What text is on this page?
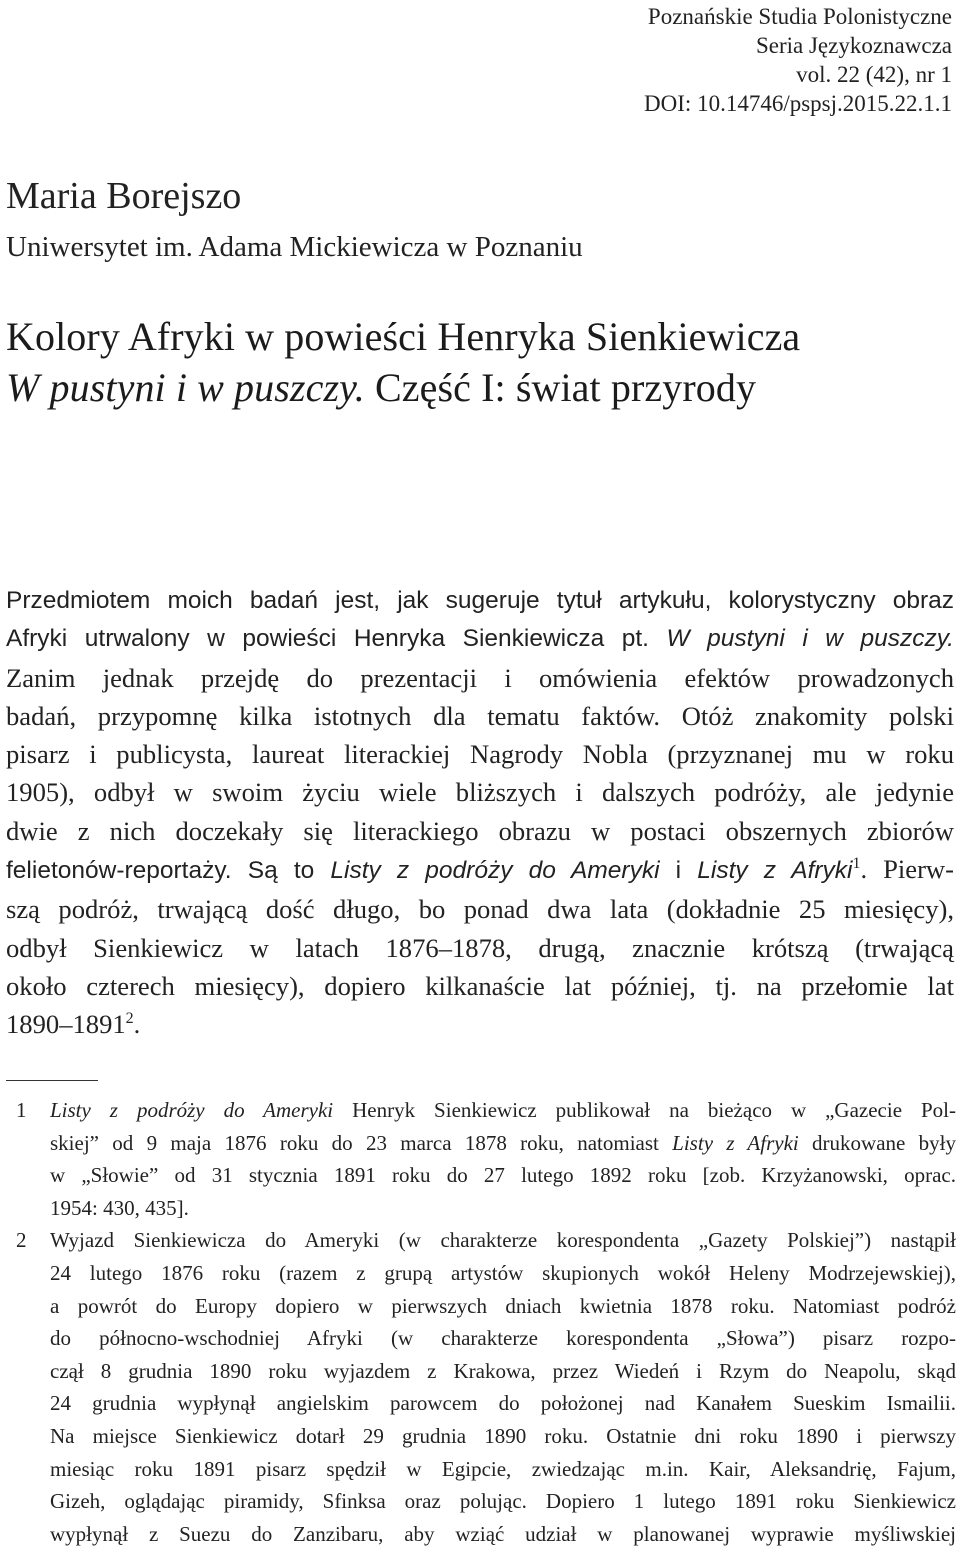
Poznańskie Studia Polonistyczne
Seria Językoznawcza
vol. 22 (42), nr 1
DOI: 10.14746/pspsj.2015.22.1.1
Maria Borejszo
Uniwersytet im. Adama Mickiewicza w Poznaniu
Kolory Afryki w powieści Henryka Sienkiewicza
W pustyni i w puszczy. Część I: świat przyrody
Przedmiotem moich badań jest, jak sugeruje tytuł artykułu, kolorystyczny obraz
Afryki utrwalony w powieści Henryka Sienkiewicza pt. W pustyni i w puszczy.
Zanim jednak przejdę do prezentacji i omówienia efektów prowadzonych
badań, przypomnę kilka istotnych dla tematu faktów. Otóż znakomity polski
pisarz i publicysta, laureat literackiej Nagrody Nobla (przyznanej mu w roku
1905), odbył w swoim życiu wiele bliższych i dalszych podróży, ale jedynie
dwie z nich doczekały się literackiego obrazu w postaci obszernych zbiorów
felietonów-reportaży. Są to Listy z podróży do Ameryki i Listy z Afryki$^1$. Pierw-
szą podróż, trwającą dość długo, bo ponad dwa lata (dokładnie 25 miesięcy),
odbył Sienkiewicz w latach 1876–1878, drugą, znacznie krótszą (trwającą
około czterech miesięcy), dopiero kilkanaście lat później, tj. na przełomie lat
1890–1891$^2$.
1 Listy z podróży do Ameryki Henryk Sienkiewicz publikował na bieżąco w „Gazecie Pol-
skiej” od 9 maja 1876 roku do 23 marca 1878 roku, natomiast Listy z Afryki drukowane były
w „Słowie” od 31 stycznia 1891 roku do 27 lutego 1892 roku [zob. Krzyżanowski, oprac.
1954: 430, 435].
2 Wyjazd Sienkiewicza do Ameryki (w charakterze korespondenta „Gazety Polskiej”) nastąpił
24 lutego 1876 roku (razem z grupą artystów skupionych wokół Heleny Modrzejewskiej),
a powrót do Europy dopiero w pierwszych dniach kwietnia 1878 roku. Natomiast podróż
do północno-wschodniej Afryki (w charakterze korespondenta „Słowa”) pisarz rozpo-
czął 8 grudnia 1890 roku wyjazdem z Krakowa, przez Wiedeń i Rzym do Neapolu, skąd
24 grudnia wypłynął angielskim parowcem do położonej nad Kanałem Sueskim Ismailii.
Na miejsce Sienkiewicz dotarł 29 grudnia 1890 roku. Ostatnie dni roku 1890 i pierwszy
miesiąc roku 1891 pisarz spędził w Egipcie, zwiedzając m.in. Kair, Aleksandrię, Fajum,
Gizeh, oglądając piramidy, Sfinksa oraz polując. Dopiero 1 lutego 1891 roku Sienkiewicz
wypłynął z Suezu do Zanzibaru, aby wziąć udział w planowanej wyprawie myśliwskiej
